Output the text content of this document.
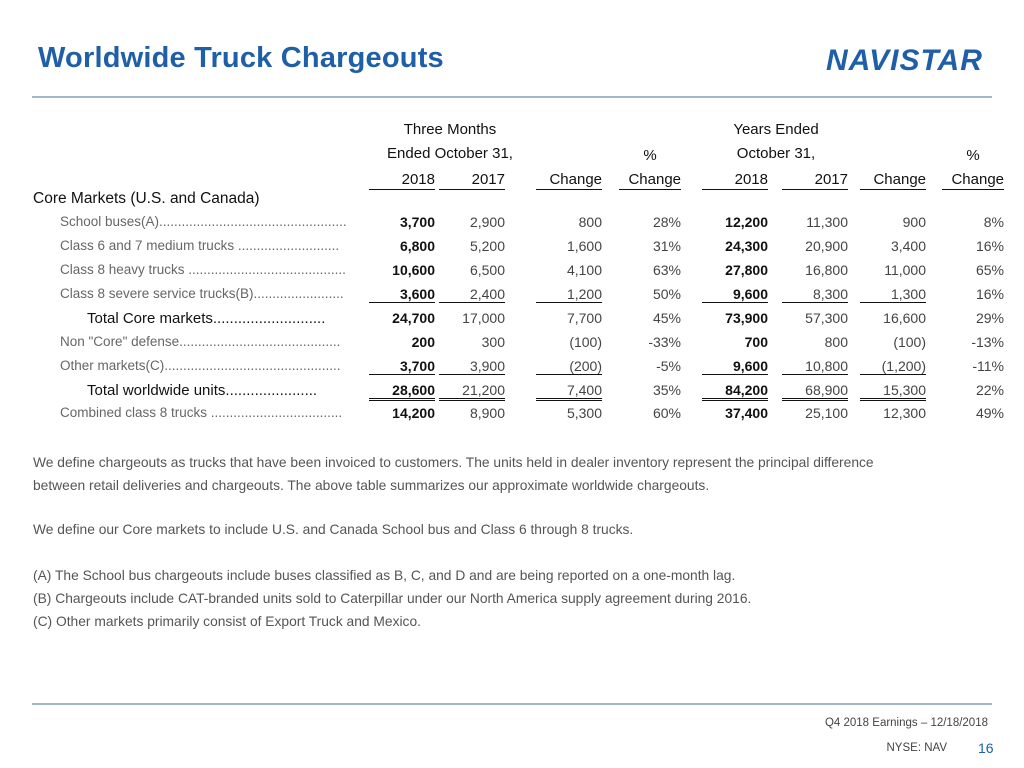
Worldwide Truck Chargeouts	NAVISTAR
Three Months
Ended October 31,
Years Ended
October 31,
%	%
2018	2017	Change	Change	2018	2017	Change	Change
Core Markets (U.S. and Canada)
School buses(A)..................................................	3,700	2,900	800	28%	12,200	11,300	900	8%
Class 6 and 7 medium trucks ...........................	6,800	5,200	1,600	31%	24,300	20,900	3,400	16%
Class 8 heavy trucks ..........................................	10,600	6,500	4,100	63%	27,800	16,800	11,000	65%
Class 8 severe service trucks(B)........................	3,600	2,400	1,200	50%	9,600	8,300	1,300	16%
Total Core markets...........................	24,700	17,000	7,700	45%	73,900	57,300	16,600	29%
Non "Core" defense...........................................	200	300	(100)	-33%	700	800	(100)	-13%
Other markets(C)...............................................	3,700	3,900	(200)	-5%	9,600	10,800	(1,200)	-11%
Total worldwide units......................	28,600	21,200	7,400	35%	84,200	68,900	15,300	22%
Combined class 8 trucks ...................................	14,200	8,900	5,300	60%	37,400	25,100	12,300	49%
We define chargeouts as trucks that have been invoiced to customers. The units held in dealer inventory represent the principal difference
between retail deliveries and chargeouts. The above table summarizes our approximate worldwide chargeouts.
We define our Core markets to include U.S. and Canada School bus and Class 6 through 8 trucks.
(A) The School bus chargeouts include buses classified as B, C, and D and are being reported on a one-month lag.
(B) Chargeouts include CAT-branded units sold to Caterpillar under our North America supply agreement during 2016.
(C) Other markets primarily consist of Export Truck and Mexico.
Q4 2018 Earnings – 12/18/2018
NYSE: NAV 16
